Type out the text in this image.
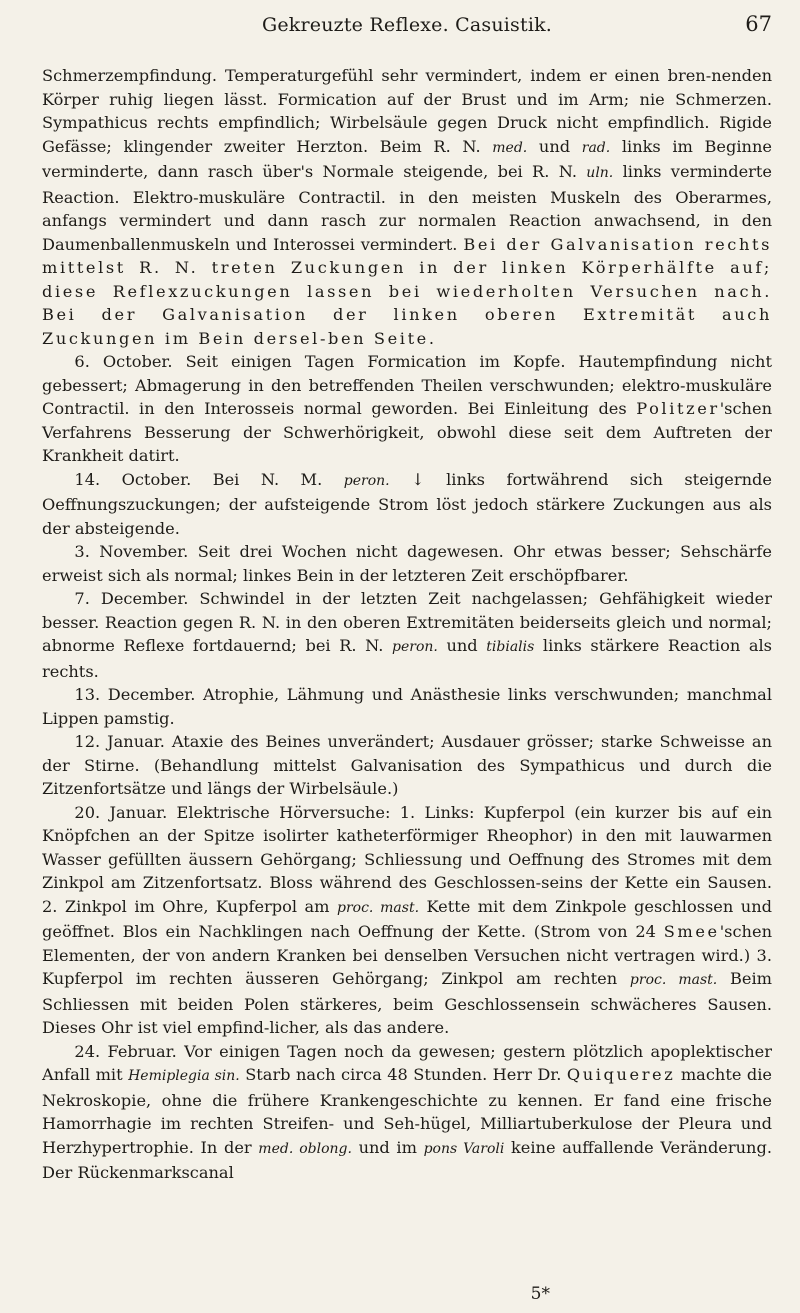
Gekreuzte Reflexe. Casuistik.	67

Schmerzempfindung. Temperaturgefühl sehr vermindert, indem er einen bren-nenden Körper ruhig liegen lässt. Formication auf der Brust und im Arm; nie Schmerzen. Sympathicus rechts empfindlich; Wirbelsäule gegen Druck nicht empfindlich. Rigide Gefässe; klingender zweiter Herzton. Beim R. N. med. und rad. links im Beginne verminderte, dann rasch über's Normale steigende, bei R. N. uln. links verminderte Reaction. Elektro-muskuläre Contractil. in den meisten Muskeln des Oberarmes, anfangs vermindert und dann rasch zur normalen Reaction anwachsend, in den Daumenballenmuskeln und Interossei vermindert. Bei der Galvanisation rechts mittelst R. N. treten Zuckungen in der linken Körperhälfte auf; diese Reflexzuckungen lassen bei wiederholten Versuchen nach. Bei der Galvanisation der linken oberen Extremität auch Zuckungen im Bein dersel-ben Seite.

6. October. Seit einigen Tagen Formication im Kopfe. Hautempfindung nicht gebessert; Abmagerung in den betreffenden Theilen verschwunden; elektro-muskuläre Contractil. in den Interosseis normal geworden. Bei Einleitung des Politzer'schen Verfahrens Besserung der Schwerhörigkeit, obwohl diese seit dem Auftreten der Krankheit datirt.

14. October. Bei N. M. peron. ↓ links fortwährend sich steigernde Oeffnungszuckungen; der aufsteigende Strom löst jedoch stärkere Zuckungen aus als der absteigende.

3. November. Seit drei Wochen nicht dagewesen. Ohr etwas besser; Sehschärfe erweist sich als normal; linkes Bein in der letzteren Zeit erschöpfbarer.

7. December. Schwindel in der letzten Zeit nachgelassen; Gehfähigkeit wieder besser. Reaction gegen R. N. in den oberen Extremitäten beiderseits gleich und normal; abnorme Reflexe fortdauernd; bei R. N. peron. und tibialis links stärkere Reaction als rechts.

13. December. Atrophie, Lähmung und Anästhesie links verschwunden; manchmal Lippen pamstig.

12. Januar. Ataxie des Beines unverändert; Ausdauer grösser; starke Schweisse an der Stirne. (Behandlung mittelst Galvanisation des Sympathicus und durch die Zitzenfortsätze und längs der Wirbelsäule.)

20. Januar. Elektrische Hörversuche: 1. Links: Kupferpol (ein kurzer bis auf ein Knöpfchen an der Spitze isolirter katheterförmiger Rheophor) in den mit lauwarmen Wasser gefüllten äussern Gehörgang; Schliessung und Oeffnung des Stromes mit dem Zinkpol am Zitzenfortsatz. Bloss während des Geschlossen-seins der Kette ein Sausen. 2. Zinkpol im Ohre, Kupferpol am proc. mast. Kette mit dem Zinkpole geschlossen und geöffnet. Blos ein Nachklingen nach Oeffnung der Kette. (Strom von 24 Smee'schen Elementen, der von andern Kranken bei denselben Versuchen nicht vertragen wird.) 3. Kupferpol im rechten äusseren Gehörgang; Zinkpol am rechten proc. mast. Beim Schliessen mit beiden Polen stärkeres, beim Geschlossensein schwächeres Sausen. Dieses Ohr ist viel empfind-licher, als das andere.

24. Februar. Vor einigen Tagen noch da gewesen; gestern plötzlich apoplektischer Anfall mit Hemiplegia sin. Starb nach circa 48 Stunden. Herr Dr. Quiquerez machte die Nekroskopie, ohne die frühere Krankengeschichte zu kennen. Er fand eine frische Hamorrhagie im rechten Streifen- und Seh-hügel, Milliartuberkulose der Pleura und Herzhypertrophie. In der med. oblong. und im pons Varoli keine auffallende Veränderung. Der Rückenmarkscanal

5*
